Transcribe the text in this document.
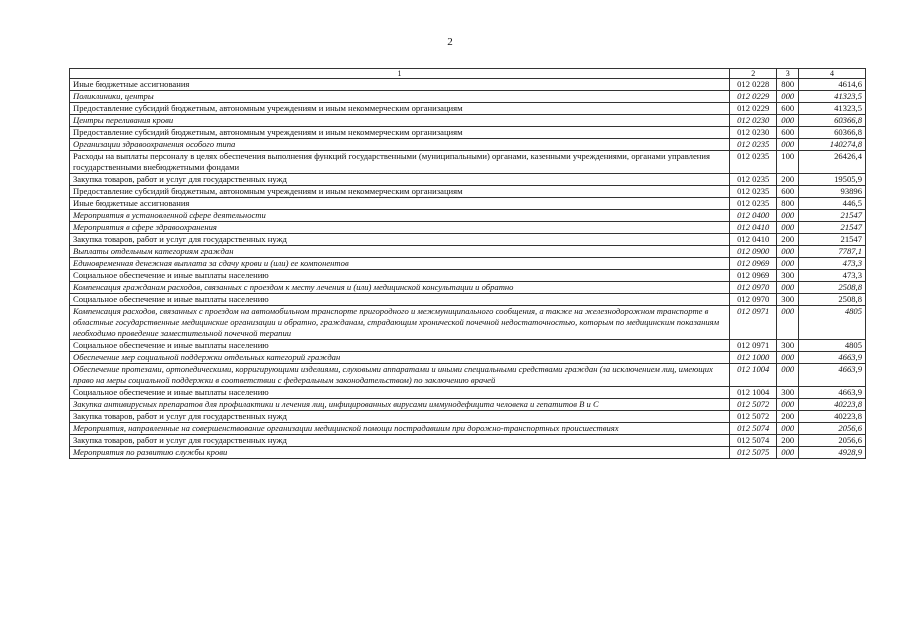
2
1	2	3	4
Иные бюджетные ассигнования	012 0228	800	4614,6
Поликлиники, центры	012 0229	000	41323,5
Предоставление субсидий бюджетным, автономным учреждениям и иным некоммерческим организациям	012 0229	600	41323,5
Центры переливания крови	012 0230	000	60366,8
Предоставление субсидий бюджетным, автономным учреждениям и иным некоммерческим организациям	012 0230	600	60366,8
Организации здравоохранения особого типа	012 0235	000	140274,8
Расходы на выплаты персоналу в целях обеспечения выполнения функций государственными (муниципальными) органами, казенными учреждениями, органами управления государственными внебюджетными фондами	012 0235	100	26426,4
Закупка товаров, работ и услуг для государственных нужд	012 0235	200	19505,9
Предоставление субсидий бюджетным, автономным учреждениям и иным некоммерческим организациям	012 0235	600	93896
Иные бюджетные ассигнования	012 0235	800	446,5
Мероприятия в установленной сфере деятельности	012 0400	000	21547
Мероприятия в сфере здравоохранения	012 0410	000	21547
Закупка товаров, работ и услуг для государственных нужд	012 0410	200	21547
Выплаты отдельным категориям граждан	012 0900	000	7787,1
Единовременная денежная выплата за сдачу крови и (или) ее компонентов	012 0969	000	473,3
Социальное обеспечение и иные выплаты населению	012 0969	300	473,3
Компенсация гражданам расходов, связанных с проездом к месту лечения и (или) медицинской консультации и обратно	012 0970	000	2508,8
Социальное обеспечение и иные выплаты населению	012 0970	300	2508,8
Компенсация расходов, связанных с проездом на автомобильном транспорте пригородного и межмуниципального сообщения, а также на железнодорожном транспорте в областные государственные медицинские организации и обратно, гражданам, страдающим хронической почечной недостаточностью, которым по медицинским показаниям необходимо проведение заместительной почечной терапии	012 0971	000	4805
Социальное обеспечение и иные выплаты населению	012 0971	300	4805
Обеспечение мер социальной поддержки отдельных категорий граждан	012 1000	000	4663,9
Обеспечение протезами, ортопедическими, корригирующими изделиями, слуховыми аппаратами и иными специальными средствами граждан (за исключением лиц, имеющих право на меры социальной поддержки в соответствии с федеральным законодательством) по заключению врачей	012 1004	000	4663,9
Социальное обеспечение и иные выплаты населению	012 1004	300	4663,9
Закупка антивирусных препаратов для профилактики и лечения лиц, инфицированных вирусами иммунодефицита человека и гепатитов В и С	012 5072	000	40223,8
Закупка товаров, работ и услуг для государственных нужд	012 5072	200	40223,8
Мероприятия, направленные на совершенствование организации медицинской помощи пострадавшим при дорожно-транспортных происшествиях	012 5074	000	2056,6
Закупка товаров, работ и услуг для государственных нужд	012 5074	200	2056,6
Мероприятия по развитию службы крови	012 5075	000	4928,9
